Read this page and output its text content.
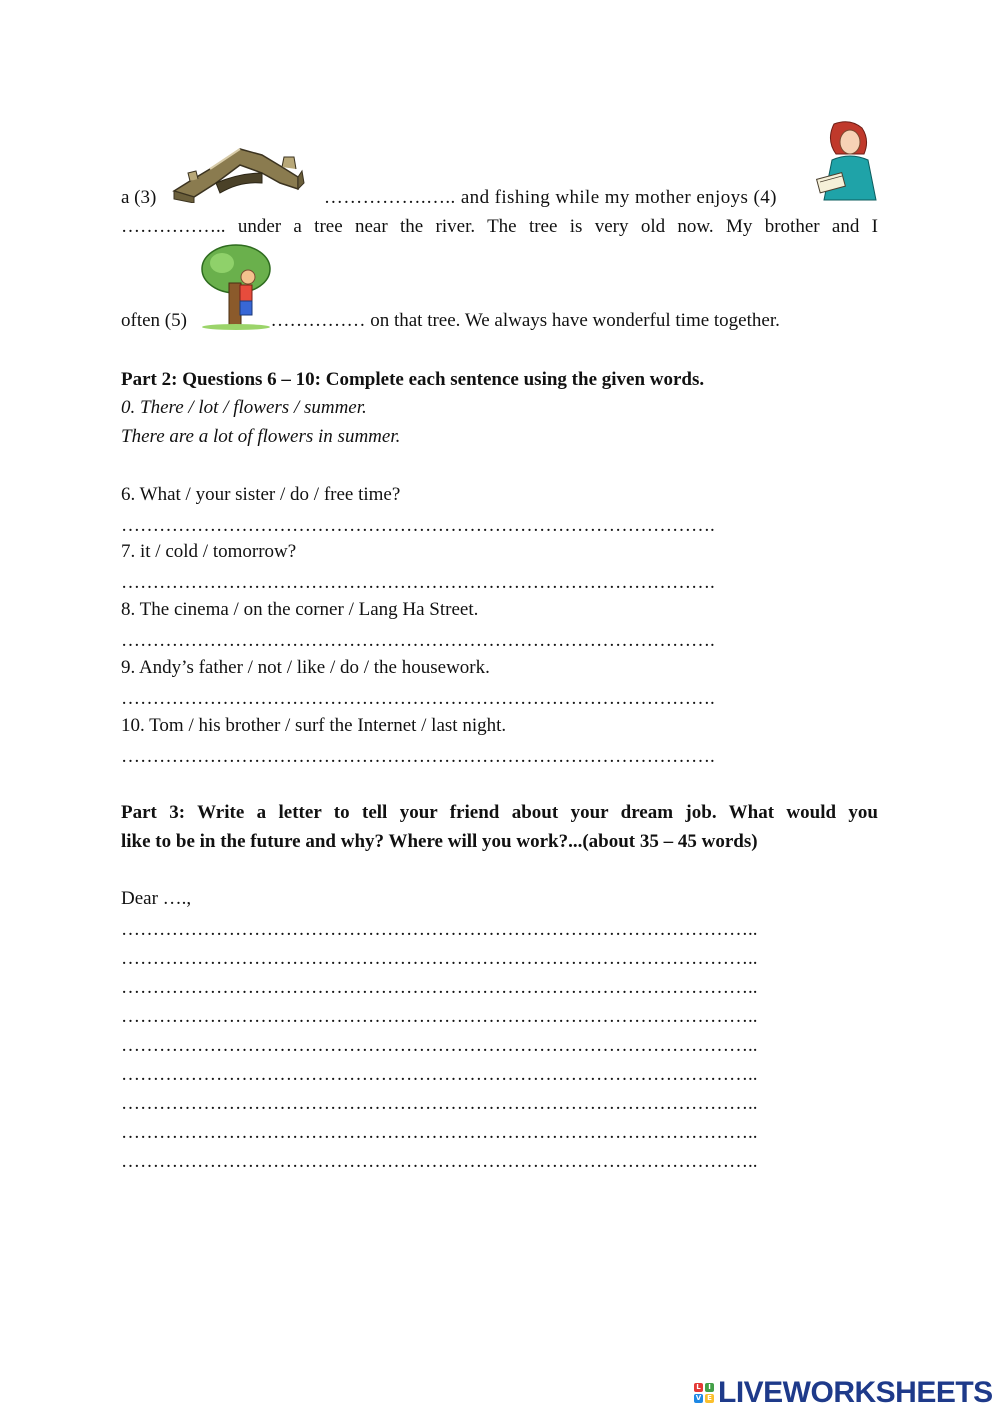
a (3)	…………….….. and fishing while my mother enjoys (4)
…………….. under a tree near the river. The tree is very old now. My brother and I
often (5)	…………… on that tree. We always have wonderful time together.
Part 2: Questions 6 – 10: Complete each sentence using the given words.
0. There / lot / flowers / summer.
There are a lot of flowers in summer.
6. What / your sister / do / free time?
………………………………………………………………………………….
7. it / cold / tomorrow?
………………………………………………………………………………….
8. The cinema / on the corner / Lang Ha Street.
………………………………………………………………………………….
9. Andy’s father / not / like / do / the housework.
………………………………………………………………………………….
10. Tom / his brother / surf the Internet / last night.
………………………………………………………………………………….
Part 3: Write a letter to tell your friend about your dream job. What would you
like to be in the future and why? Where will you work?...(about 35 – 45 words)
Dear ….,
………………………………………………………………………………………..
………………………………………………………………………………………..
………………………………………………………………………………………..
………………………………………………………………………………………..
………………………………………………………………………………………..
………………………………………………………………………………………..
………………………………………………………………………………………..
………………………………………………………………………………………..
………………………………………………………………………………………..
L	I
V E LIVEWORKSHEETS
